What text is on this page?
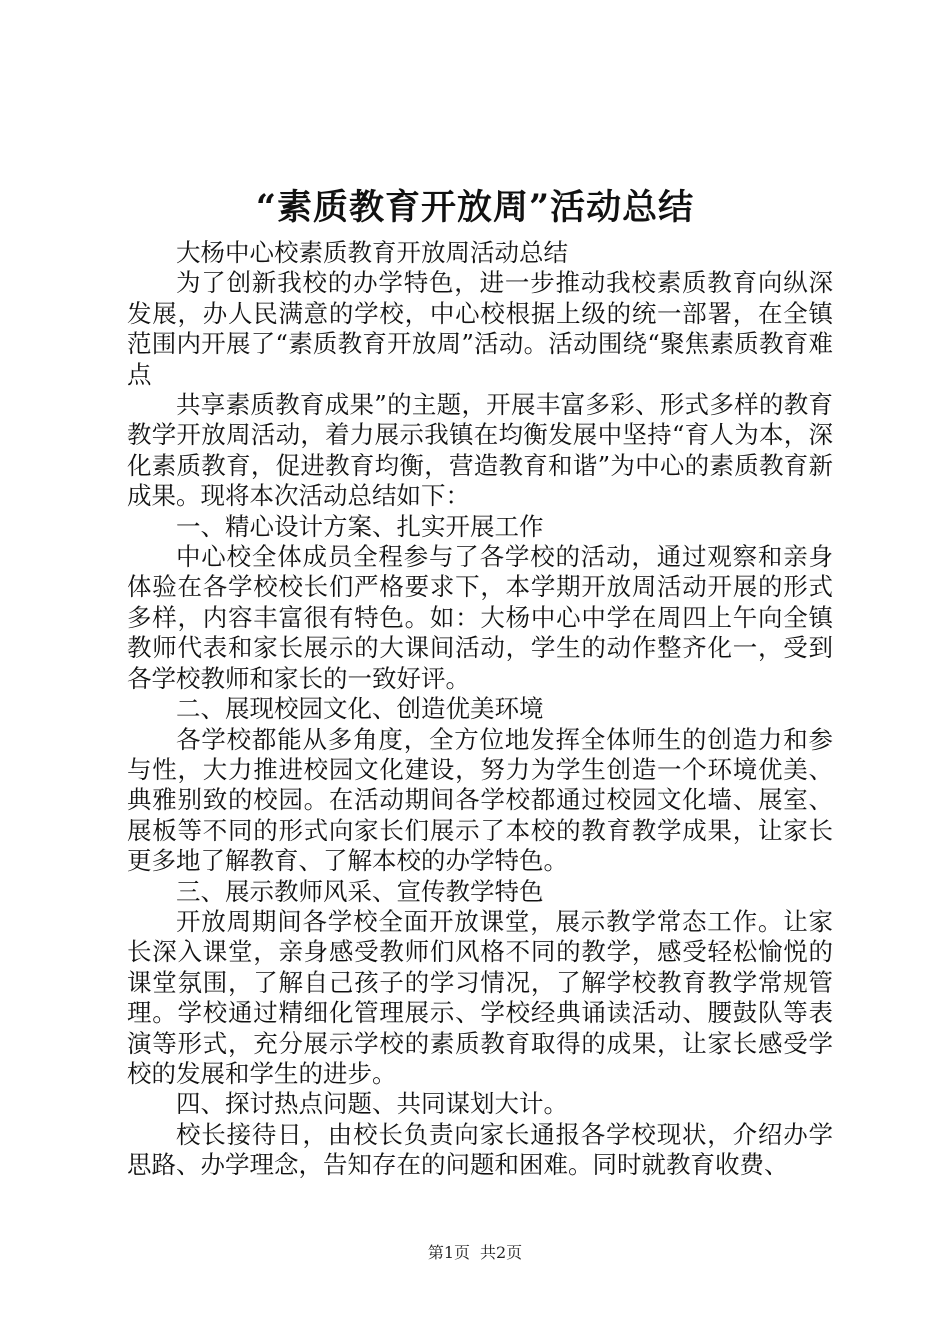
“素质教育开放周”活动总结

大杨中心校素质教育开放周活动总结

为了创新我校的办学特色，进一步推动我校素质教育向纵深发展，办人民满意的学校，中心校根据上级的统一部署，在全镇范围内开展了“素质教育开放周”活动。活动围绕“聚焦素质教育难点

共享素质教育成果”的主题，开展丰富多彩、形式多样的教育教学开放周活动，着力展示我镇在均衡发展中坚持“育人为本，深化素质教育，促进教育均衡，营造教育和谐”为中心的素质教育新成果。现将本次活动总结如下：

一、精心设计方案、扎实开展工作

中心校全体成员全程参与了各学校的活动，通过观察和亲身体验在各学校校长们严格要求下，本学期开放周活动开展的形式多样，内容丰富很有特色。如：大杨中心中学在周四上午向全镇教师代表和家长展示的大课间活动，学生的动作整齐化一，受到各学校教师和家长的一致好评。

二、展现校园文化、创造优美环境

各学校都能从多角度，全方位地发挥全体师生的创造力和参与性，大力推进校园文化建设，努力为学生创造一个环境优美、典雅别致的校园。在活动期间各学校都通过校园文化墙、展室、展板等不同的形式向家长们展示了本校的教育教学成果，让家长更多地了解教育、了解本校的办学特色。

三、展示教师风采、宣传教学特色

开放周期间各学校全面开放课堂，展示教学常态工作。让家长深入课堂，亲身感受教师们风格不同的教学，感受轻松愉悦的课堂氛围，了解自己孩子的学习情况，了解学校教育教学常规管理。学校通过精细化管理展示、学校经典诵读活动、腰鼓队等表演等形式，充分展示学校的素质教育取得的成果，让家长感受学校的发展和学生的进步。

四、探讨热点问题、共同谋划大计。

校长接待日，由校长负责向家长通报各学校现状，介绍办学思路、办学理念，告知存在的问题和困难。同时就教育收费、

第1页 共2页
